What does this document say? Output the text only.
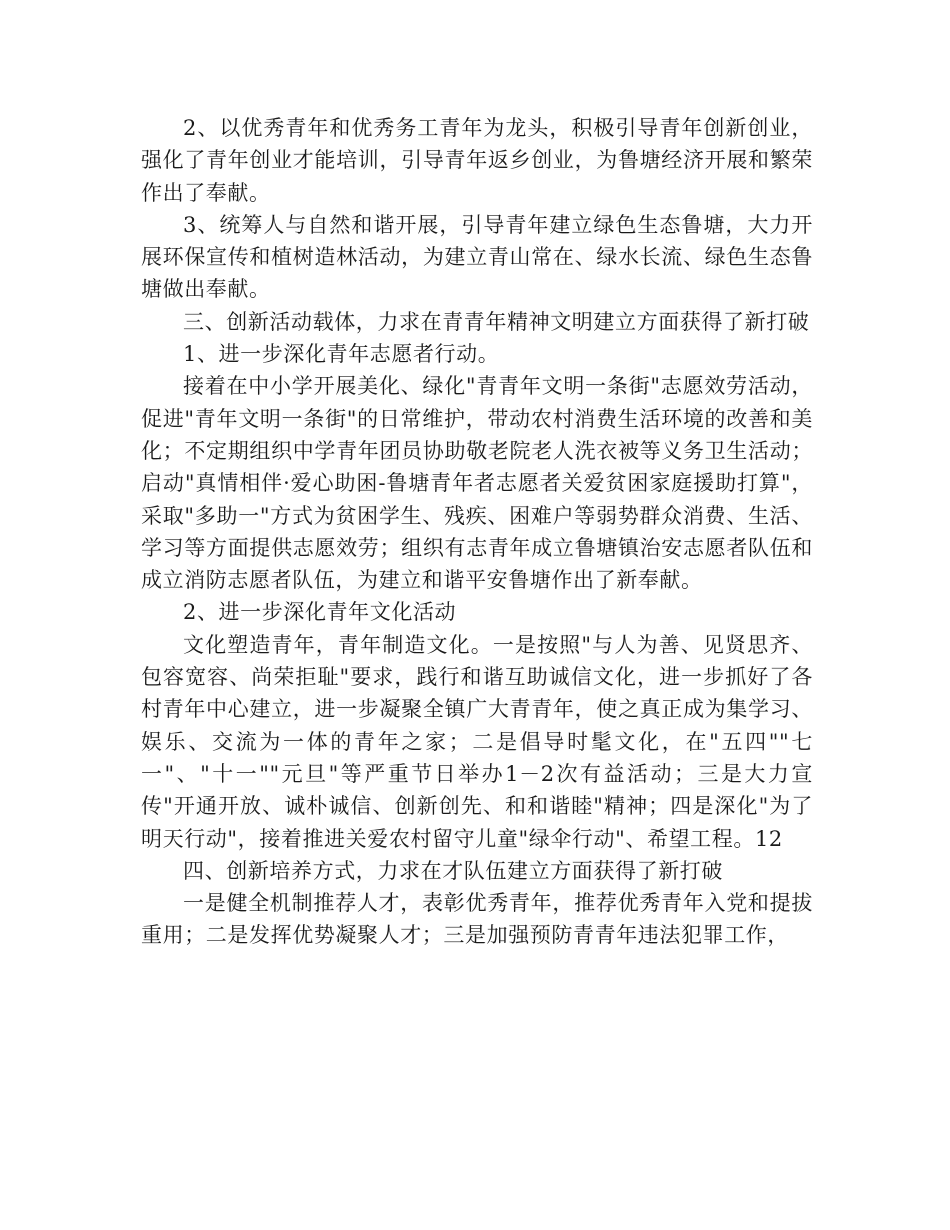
2、以优秀青年和优秀务工青年为龙头，积极引导青年创新创业，强化了青年创业才能培训，引导青年返乡创业，为鲁塘经济开展和繁荣作出了奉献。

3、统筹人与自然和谐开展，引导青年建立绿色生态鲁塘，大力开展环保宣传和植树造林活动，为建立青山常在、绿水长流、绿色生态鲁塘做出奉献。

三、创新活动载体，力求在青青年精神文明建立方面获得了新打破

1、进一步深化青年志愿者行动。

接着在中小学开展美化、绿化"青青年文明一条街"志愿效劳活动，促进"青年文明一条街"的日常维护，带动农村消费生活环境的改善和美化；不定期组织中学青年团员协助敬老院老人洗衣被等义务卫生活动；启动"真情相伴·爱心助困-鲁塘青年者志愿者关爱贫困家庭援助打算"，采取"多助一"方式为贫困学生、残疾、困难户等弱势群众消费、生活、学习等方面提供志愿效劳；组织有志青年成立鲁塘镇治安志愿者队伍和成立消防志愿者队伍，为建立和谐平安鲁塘作出了新奉献。

2、进一步深化青年文化活动

文化塑造青年，青年制造文化。一是按照"与人为善、见贤思齐、包容宽容、尚荣拒耻"要求，践行和谐互助诚信文化，进一步抓好了各村青年中心建立，进一步凝聚全镇广大青青年，使之真正成为集学习、娱乐、交流为一体的青年之家；二是倡导时髦文化，在"五四""七一"、"十一""元旦"等严重节日举办1－2次有益活动；三是大力宣传"开通开放、诚朴诚信、创新创先、和和谐睦"精神；四是深化"为了明天行动"，接着推进关爱农村留守儿童"绿伞行动"、希望工程。12

四、创新培养方式，力求在才队伍建立方面获得了新打破

一是健全机制推荐人才，表彰优秀青年，推荐优秀青年入党和提拔重用；二是发挥优势凝聚人才；三是加强预防青青年违法犯罪工作，
